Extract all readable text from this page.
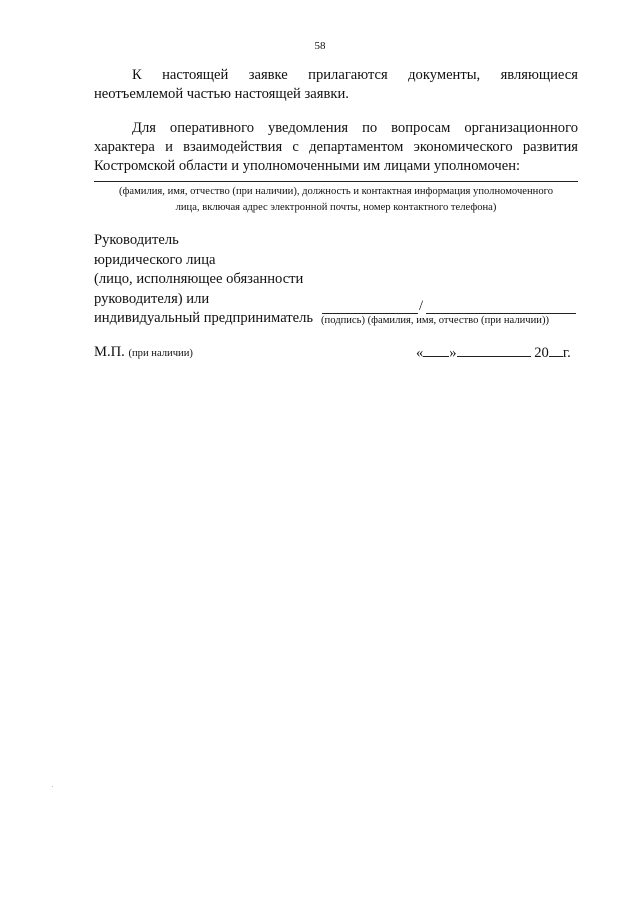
58
К настоящей заявке прилагаются документы, являющиеся
неотъемлемой частью настоящей заявки.
Для оперативного уведомления по вопросам организационного характера и взаимодействия с департаментом экономического развития Костромской области и уполномоченными им лицами уполномочен:
(фамилия, имя, отчество (при наличии), должность и контактная информация уполномоченного
лица, включая адрес электронной почты, номер контактного телефона)
Руководитель
юридического лица
(лицо, исполняющее обязанности
руководителя) или
индивидуальный предприниматель
/
(подпись) (фамилия, имя, отчество (при наличии))
М.П. (при наличии)	« »	20 г.
